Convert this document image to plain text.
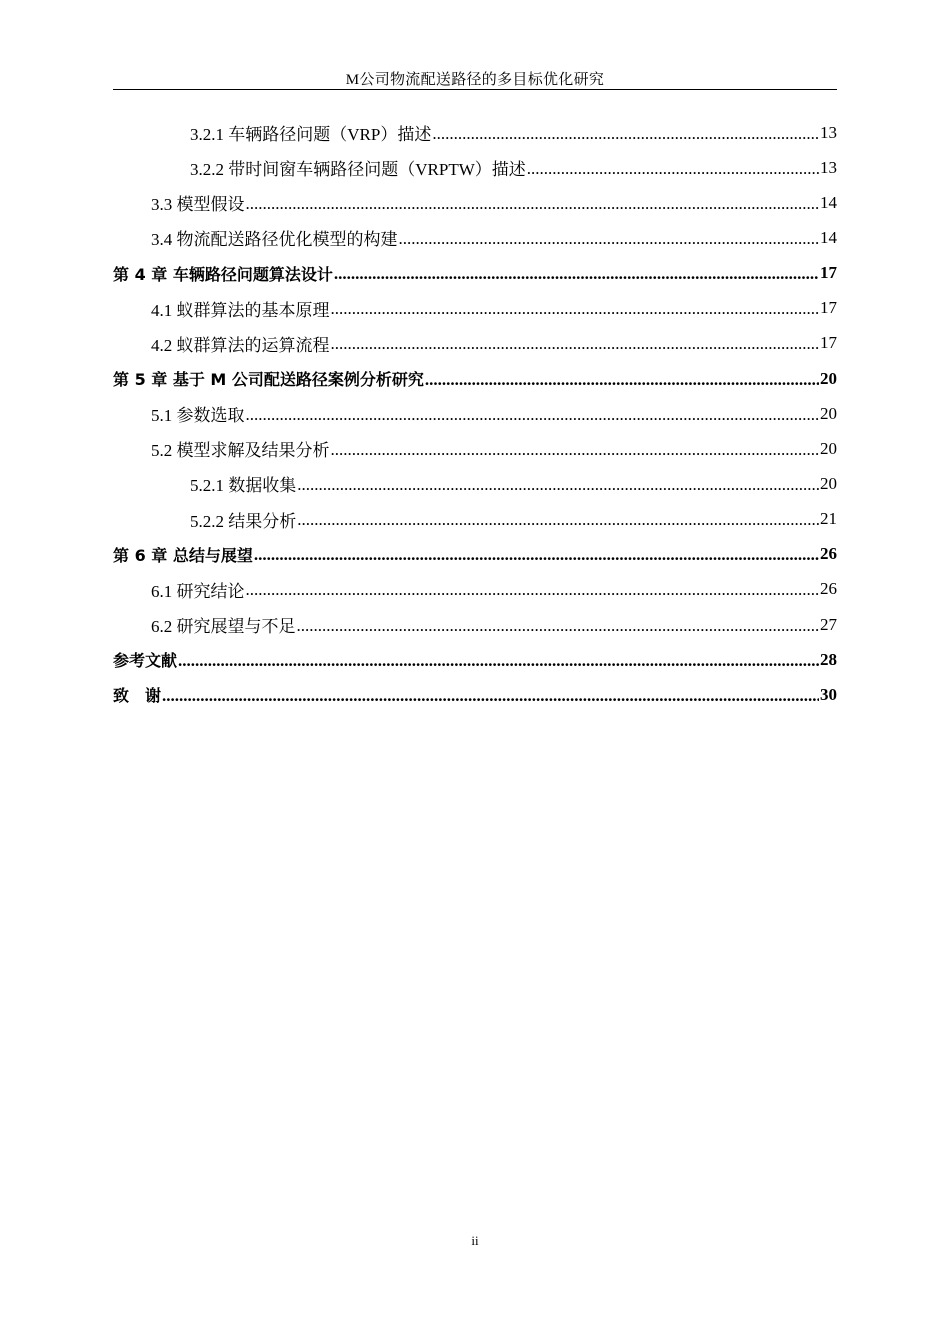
M公司物流配送路径的多目标优化研究
3.2.1 车辆路径问题（VRP）描述 .....	13
3.2.2 带时间窗车辆路径问题（VRPTW）描述 .....	13
3.3 模型假设 .....	14
3.4 物流配送路径优化模型的构建 .....	14
第 4 章 车辆路径问题算法设计 .....	17
4.1 蚁群算法的基本原理 .....	17
4.2 蚁群算法的运算流程 .....	17
第 5 章 基于 M 公司配送路径案例分析研究 .....	20
5.1 参数选取 .....	20
5.2 模型求解及结果分析 .....	20
5.2.1 数据收集 .....	20
5.2.2 结果分析 .....	21
第 6 章 总结与展望 .....	26
6.1 研究结论 .....	26
6.2 研究展望与不足 .....	27
参考文献 .....	28
致　谢 .....	30
ii
